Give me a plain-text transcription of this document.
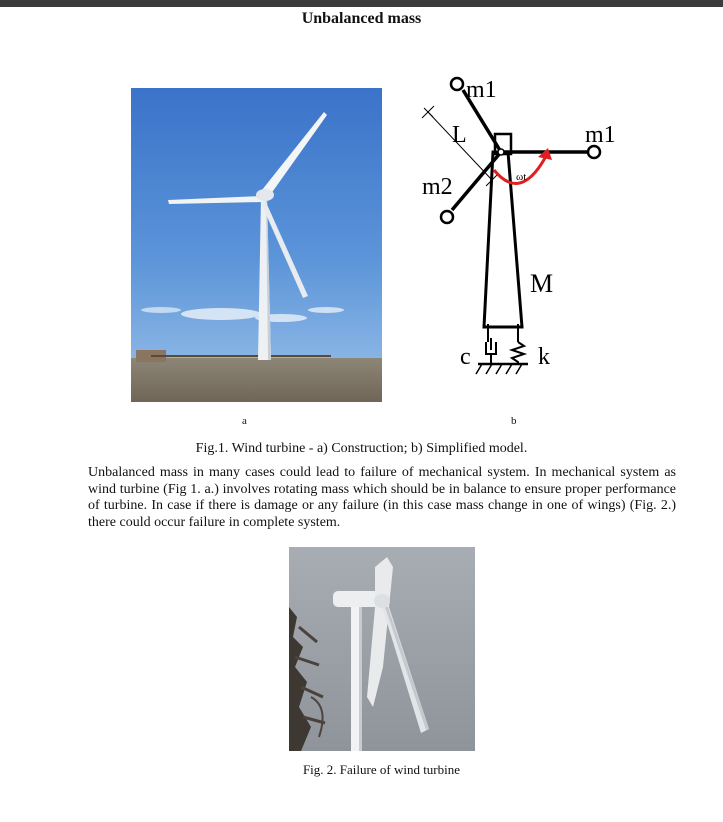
Unbalanced mass
m1
m1
L
m2	ωt
M
c	k
a	b
Fig.1. Wind turbine - a) Construction; b) Simplified model.

Unbalanced mass in many cases could lead to failure of mechanical system. In mechanical system as wind turbine (Fig 1. a.) involves rotating mass which should be in balance to ensure proper performance of turbine. In case if there is damage or any failure (in this case mass change in one of wings) (Fig. 2.) there could occur failure in complete system.

Fig. 2. Failure of wind turbine
